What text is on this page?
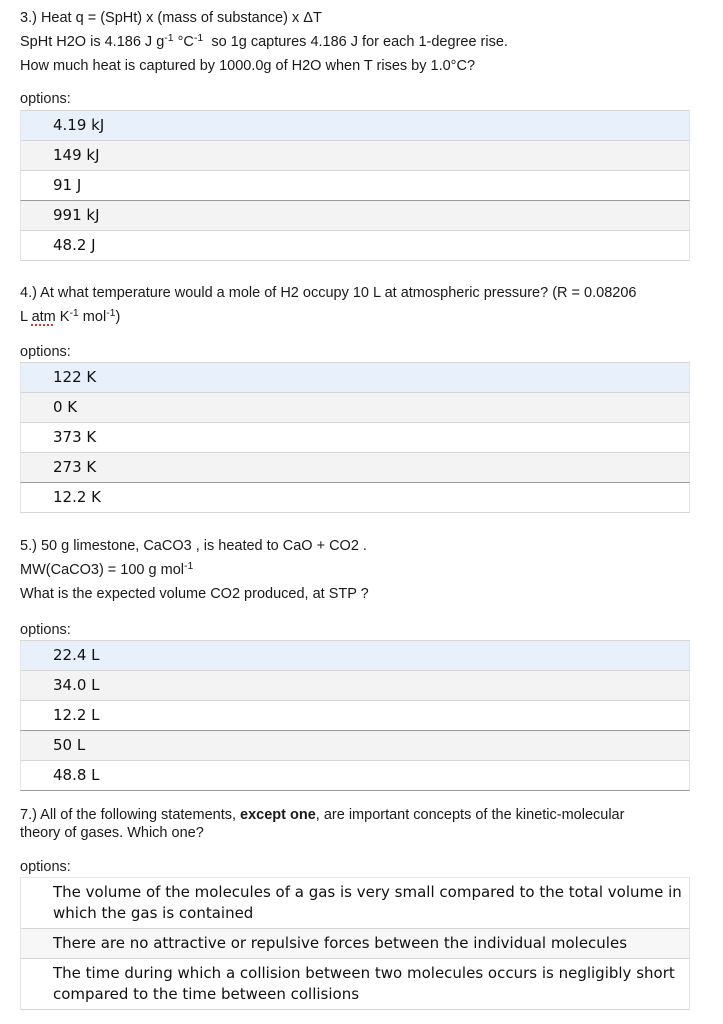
3.) Heat q = (SpHt) x (mass of substance) x ΔT
SpHt H2O is 4.186 J $g^{-1}$ $^\circ C^{-1}$  so 1g captures 4.186 J for each 1-degree rise.
How much heat is captured by 1000.0g of H2O when T rises by 1.0°C?
options:
4.19 kJ
149 kJ
91 J
991 kJ
48.2 J
4.) At what temperature would a mole of H2 occupy 10 L at atmospheric pressure? (R = 0.08206
L atm $K^{-1}$ mol$^{-1}$)
options:
122 K
0 K
373 K
273 K
12.2 K
5.) 50 g limestone, CaCO3 , is heated to CaO + CO2 .
MW(CaCO3) = 100 g mol$^{-1}$
What is the expected volume CO2 produced, at STP ?
options:
22.4 L
34.0 L
12.2 L
50 L
48.8 L
7.) All of the following statements, except one, are important concepts of the kinetic-molecular
theory of gases. Which one?
options:
The volume of the molecules of a gas is very small compared to the total volume in which the gas is contained
There are no attractive or repulsive forces between the individual molecules
The time during which a collision between two molecules occurs is negligibly short compared to the time between collisions
